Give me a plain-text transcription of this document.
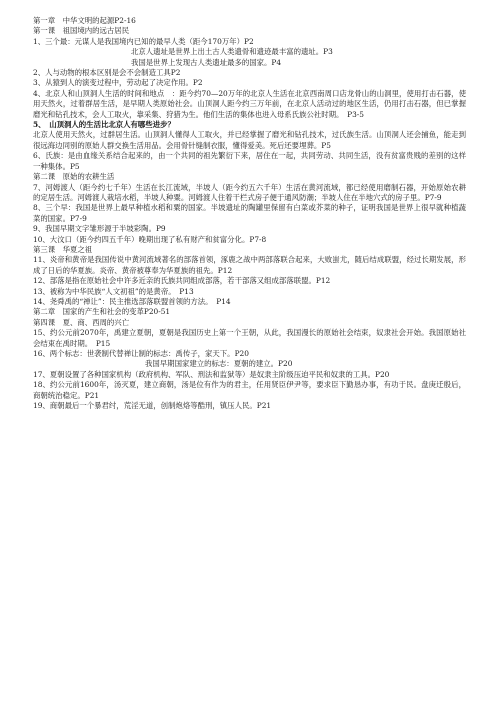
第一章　中华文明的起源P2-16
第一课　祖国境内的远古居民
1、三个最：元谋人是我国境内已知的最早人类（距今170万年）P2
北京人遗址是世界上出土古人类遗骨和遗迹最丰富的遗址。P3
我国是世界上发现古人类遗址最多的国家。P4
2、人与动物的根本区别是会不会制造工具P2
3、从猿到人的演变过程中，劳动起了决定作用。P2
4、北京人和山顶洞人生活的时间和地点　：距今约70—20万年的北京人生活在北京西南周口店龙骨山的山洞里，使用打击石器，使用天然火，过着群居生活，是早期人类原始社会。山顶洞人距今约三万年前，在北京人活动过的地区生活，仍用打击石器，但已掌握磨光和钻孔技术，会人工取火，靠采集、狩猎为生。他们生活的集体也进入母系氏族公社时期。　P3-5
5、　山顶洞人的生活比北京人有哪些进步？
北京人使用天然火，过群居生活。山顶洞人懂得人工取火，并已经掌握了磨光和钻孔技术，过氏族生活。山顶洞人还会捕鱼，能走到很远海边同别的原始人群交换生活用品。会用骨针缝制衣服，懂得爱美。死后还要埋葬。P5
6、氏族：是由血缘关系结合起来的，由一个共同的祖先繁衍下来，居住在一起，共同劳动、共同生活，没有贫富贵贱的差别的这样一种集体。P5
第二课　原始的农耕生活
7、河姆渡人（距今约七千年）生活在长江流域，半坡人（距今约五六千年）生活在黄河流域，都已经使用磨制石器，开始原始农耕的定居生活。河姆渡人栽培水稻，半坡人种粟。河姆渡人住着干栏式房子便于通风防潮；半坡人住在半地穴式的房子里。P7-9
8、三个早：我国是世界上最早种植水稻和粟的国家。半坡遗址的陶罐里保留有白菜或芥菜的种子，证明我国是世界上很早就种植蔬菜的国家。P7-9
9、我国早期文字雏形源于半坡彩陶。P9
10、大汶口（距今约四五千年）晚期出现了私有财产和贫富分化。P7-8
第三课　华夏之祖
11、炎帝和黄帝是我国传说中黄河流域著名的部落首领，涿鹿之战中两部落联合起来，大败蚩尤，随后结成联盟，经过长期发展，形成了日后的华夏族。炎帝、黄帝被尊奉为华夏族的祖先。P12
12、部落是指在原始社会中许多近亲的氏族共同组成部落，若干部落又组成部落联盟。P12
13、被称为中华民族“人文初祖”的是黄帝。　P13
14、尧舜禹的“禅让”：民主推选部落联盟首领的方法。　P14
第二章　国家的产生和社会的变革P20-51
第四课　夏、商、西周的兴亡
15、约公元前2070年，禹建立夏朝，夏朝是我国历史上第一个王朝，从此，我国漫长的原始社会结束，奴隶社会开始。我国原始社会结束在禹时期。　P15
16、两个标志：世袭制代替禅让制的标志：禹传子，家天下。P20
我国早期国家建立的标志：夏朝的建立。P20
17、夏朝设置了各种国家机构（政府机构、军队、刑法和监狱等）是奴隶主阶级压迫平民和奴隶的工具。P20
18、约公元前1600年，汤灭夏，建立商朝，汤是位有作为的君主，任用贤臣伊尹等，要求臣下勤恳办事，有功于民。盘庚迁殷后，商朝统治稳定。P21
19、商朝最后一个暴君纣，荒淫无道，创制炮烙等酷刑，镇压人民。P21
